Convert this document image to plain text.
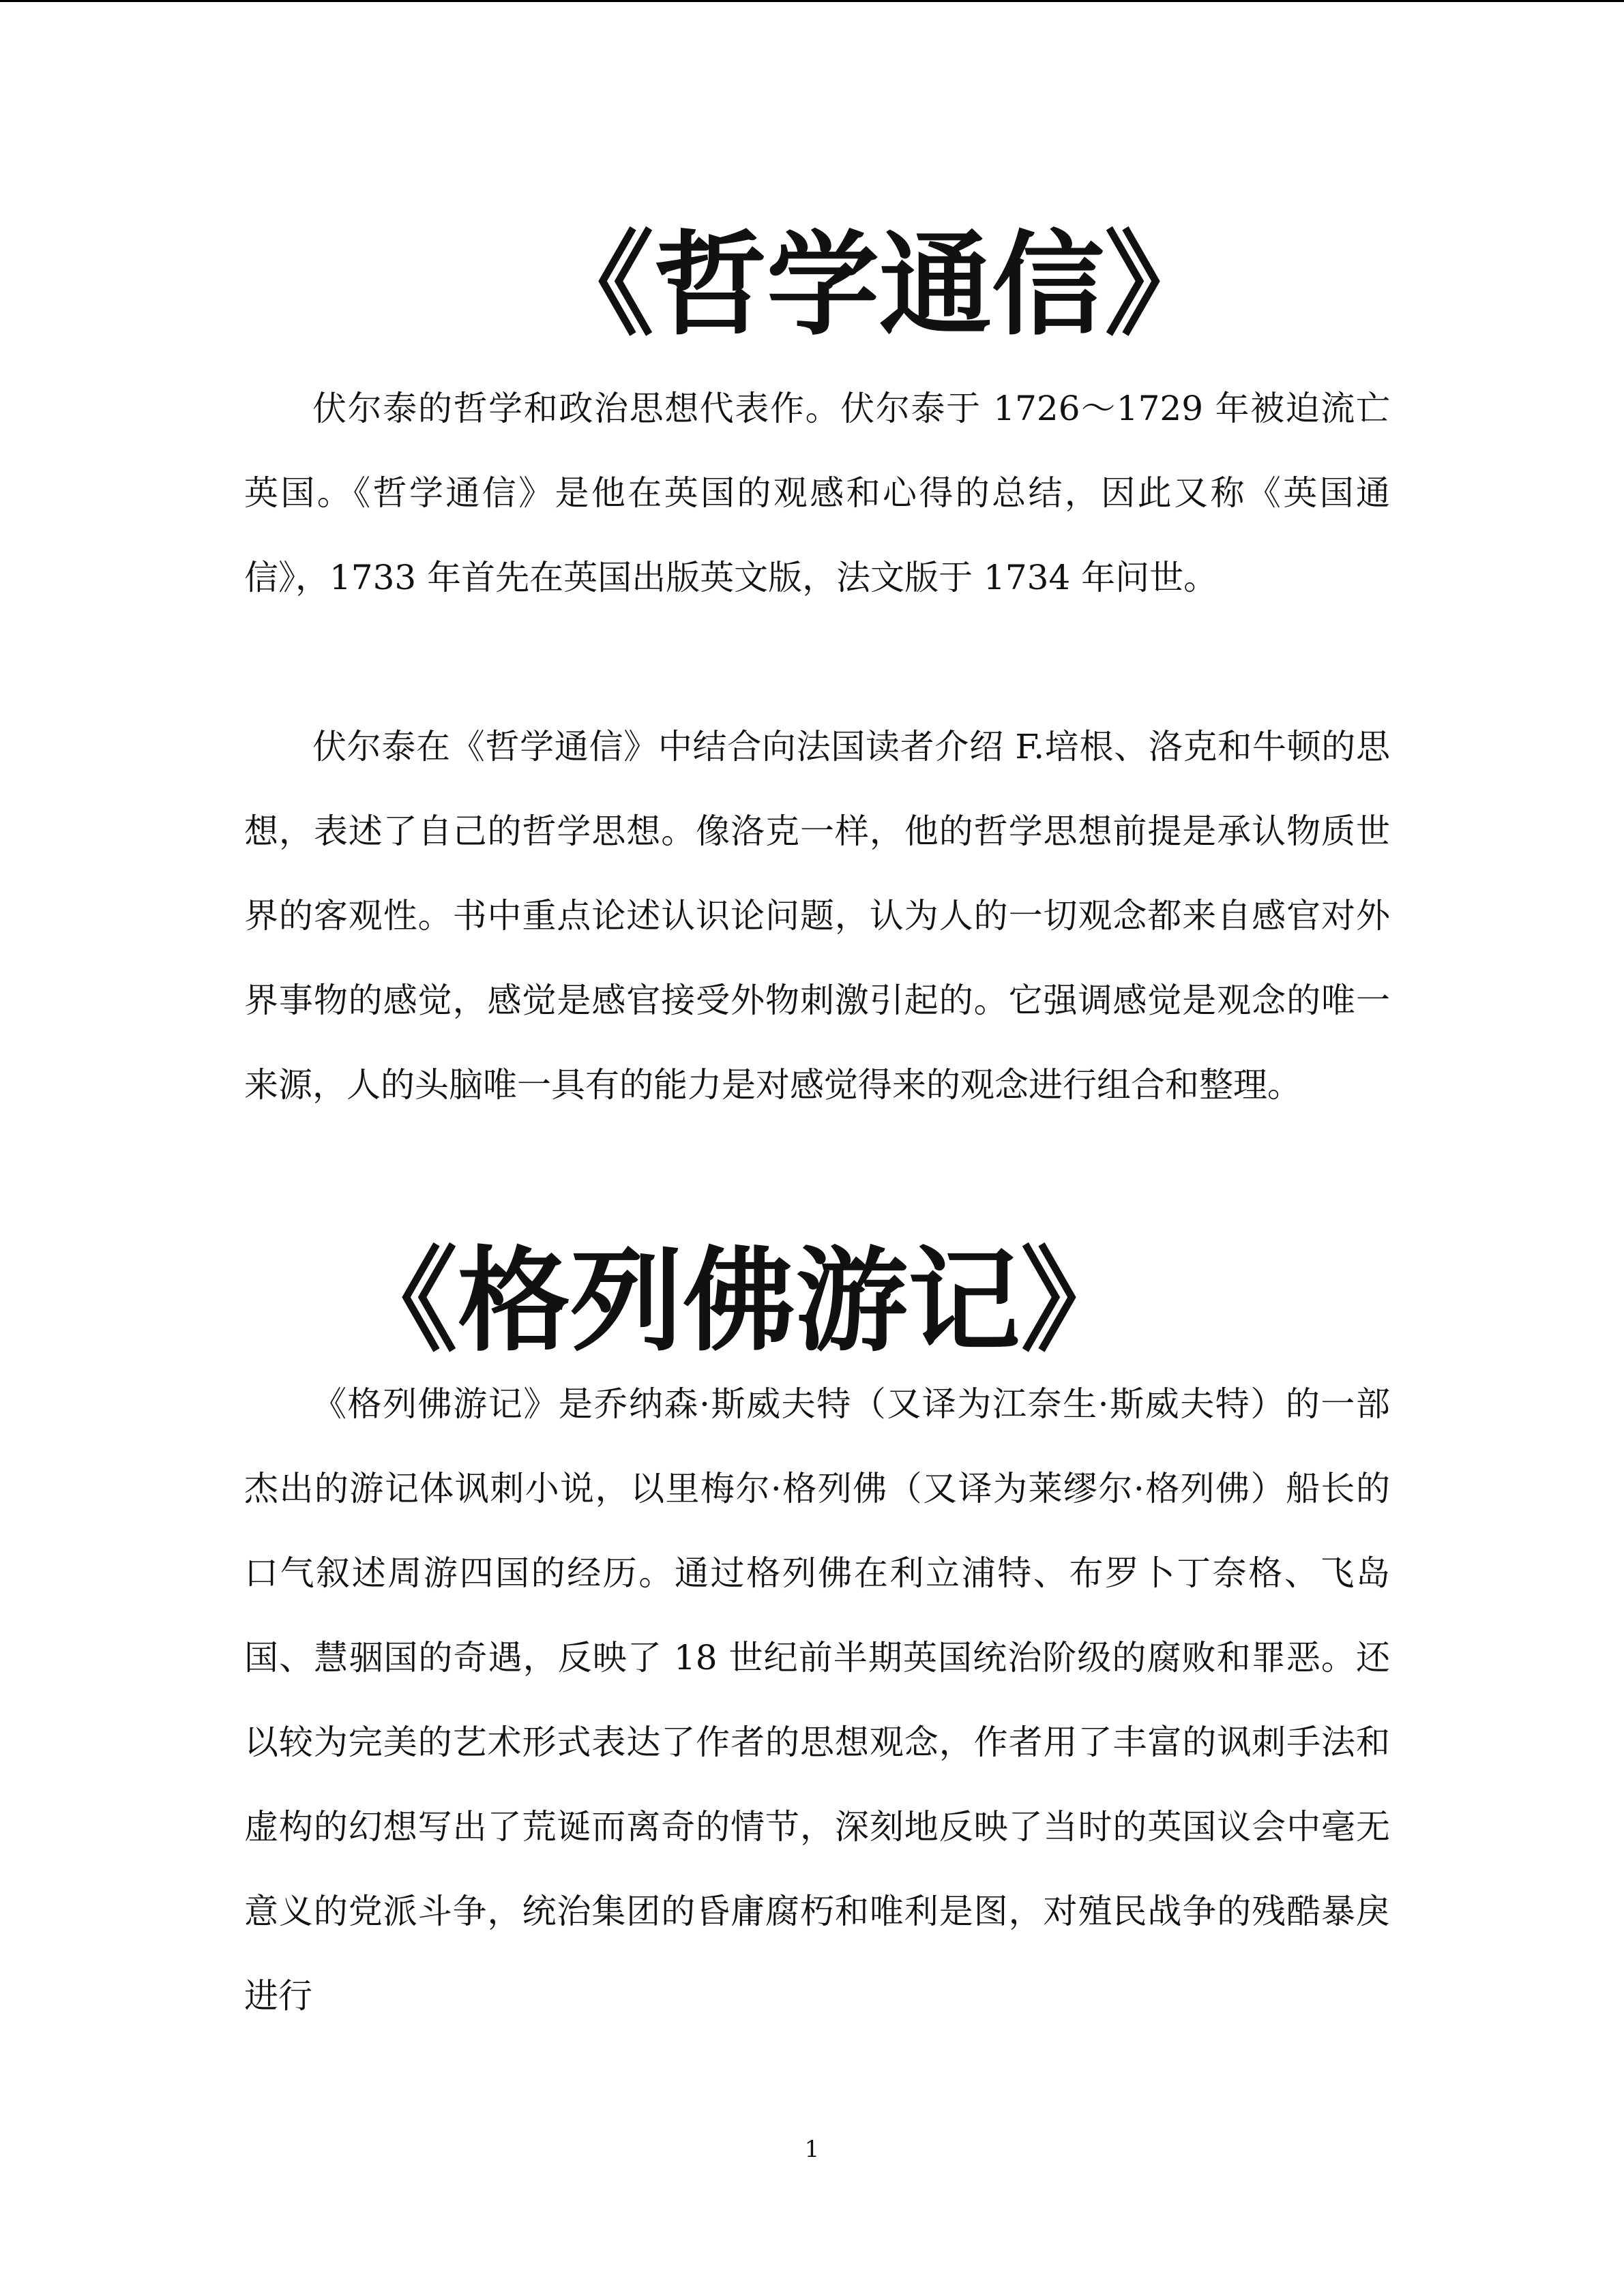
《哲学通信》

伏尔泰的哲学和政治思想代表作。伏尔泰于 1726～1729 年被迫流亡英国。《哲学通信》是他在英国的观感和心得的总结，因此又称《英国通信》，1733 年首先在英国出版英文版，法文版于 1734 年问世。

伏尔泰在《哲学通信》中结合向法国读者介绍 F.培根、洛克和牛顿的思想，表述了自己的哲学思想。像洛克一样，他的哲学思想前提是承认物质世界的客观性。书中重点论述认识论问题，认为人的一切观念都来自感官对外界事物的感觉，感觉是感官接受外物刺激引起的。它强调感觉是观念的唯一来源，人的头脑唯一具有的能力是对感觉得来的观念进行组合和整理。

《格列佛游记》

《格列佛游记》是乔纳森·斯威夫特（又译为江奈生·斯威夫特）的一部杰出的游记体讽刺小说，以里梅尔·格列佛（又译为莱缪尔·格列佛）船长的口气叙述周游四国的经历。通过格列佛在利立浦特、布罗卜丁奈格、飞岛国、慧骃国的奇遇，反映了 18 世纪前半期英国统治阶级的腐败和罪恶。还以较为完美的艺术形式表达了作者的思想观念，作者用了丰富的讽刺手法和虚构的幻想写出了荒诞而离奇的情节，深刻地反映了当时的英国议会中毫无意义的党派斗争，统治集团的昏庸腐朽和唯利是图，对殖民战争的残酷暴戾进行

1
